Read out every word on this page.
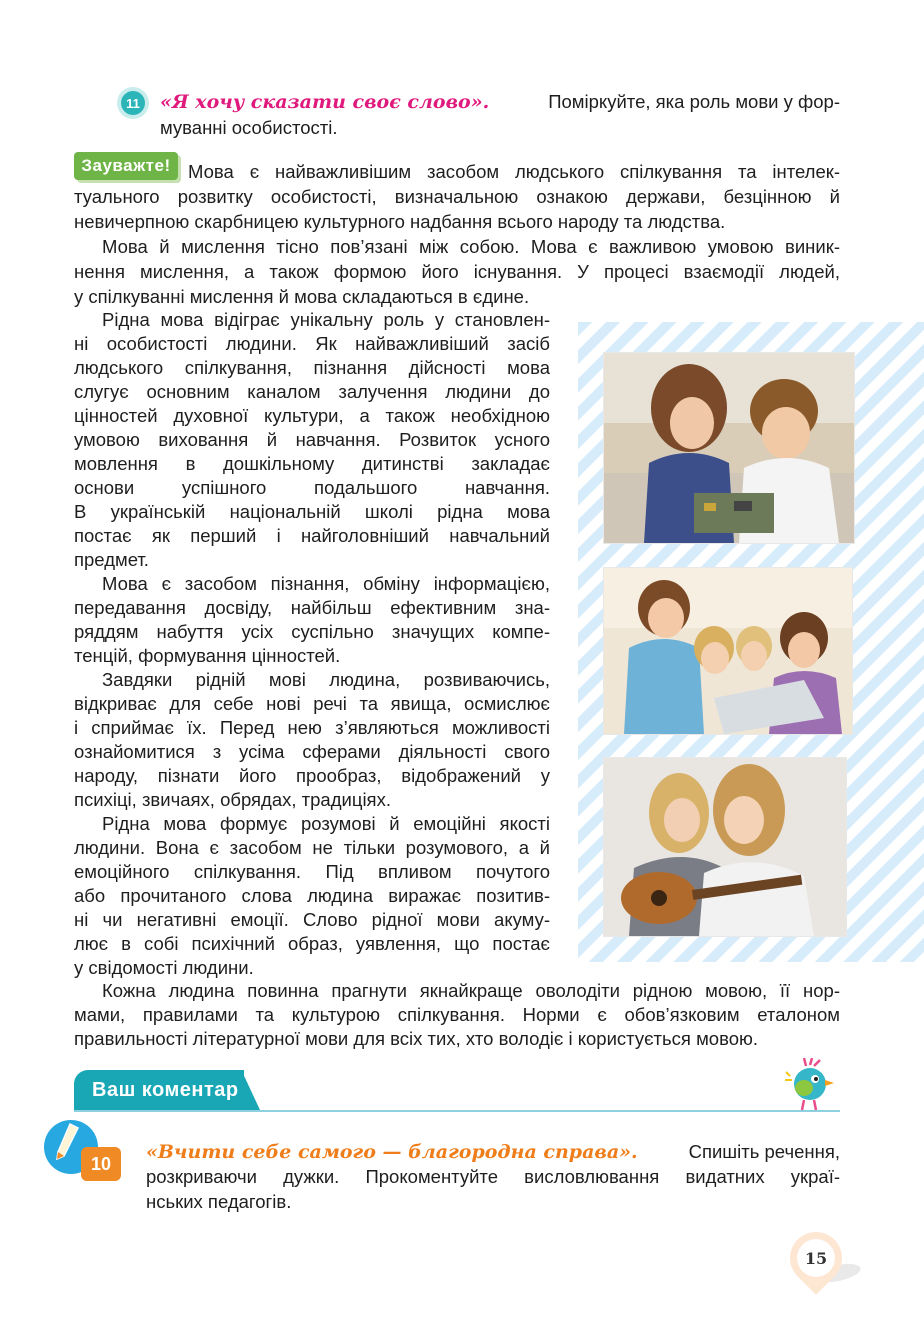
11 «Я хочу сказати своє слово».	Поміркуйте, яка роль мови у фор-
муванні особистості.
Зауважте! Мова є найважливішим засобом людського спілкування та інтелек-
туального розвитку особистості, визначальною ознакою держави, безцінною й
невичерпною скарбницею культурного надбання всього народу та людства.
Мова й мислення тісно пов’язані між собою. Мова є важливою умовою виник-
нення мислення, а також формою його існування. У процесі взаємодії людей,
у спілкуванні мислення й мова складаються в єдине.
Рідна мова відіграє унікальну роль у становлен-
ні особистості людини. Як найважливіший засіб
людського спілкування, пізнання дійсності мова
слугує основним каналом залучення людини до
цінностей духовної культури, а також необхідною
умовою виховання й навчання. Розвиток усного
мовлення в дошкільному дитинстві закладає
основи успішного подальшого навчання.
В українській національній школі рідна мова
постає як перший і найголовніший навчальний
предмет.
Мова є засобом пізнання, обміну інформацією,
передавання досвіду, найбільш ефективним зна-
ряддям набуття усіх суспільно значущих компе-
тенцій, формування цінностей.
Завдяки рідній мові людина, розвиваючись,
відкриває для себе нові речі та явища, осмислює
і сприймає їх. Перед нею з’являються можливості
ознайомитися з усіма сферами діяльності свого
народу, пізнати його прообраз, відображений у
психіці, звичаях, обрядах, традиціях.
Рідна мова формує розумові й емоційні якості
людини. Вона є засобом не тільки розумового, а й
емоційного спілкування. Під впливом почутого
або прочитаного слова людина виражає позитив-
ні чи негативні емоції. Слово рідної мови акуму-
лює в собі психічний образ, уявлення, що постає
у свідомості людини.
Кожна людина повинна прагнути якнайкраще оволодіти рідною мовою, її нор-
мами, правилами та культурою спілкування. Норми є обов’язковим еталоном
правильності літературної мови для всіх тих, хто володіє і користується мовою.
Ваш коментар
10
«Вчити себе самого — благородна справа».	Спишіть речення,
розкриваючи дужки. Прокоментуйте висловлювання видатних украї-
нських педагогів.
15
